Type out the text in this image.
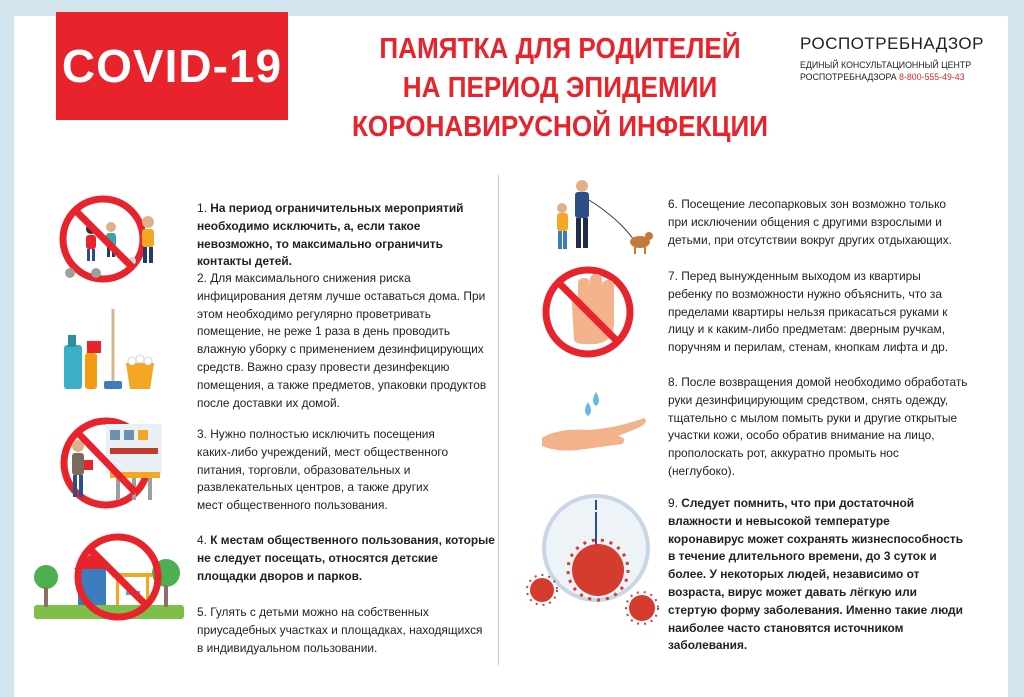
COVID-19	ПАМЯТКА ДЛЯ РОДИТЕЛЕЙ
НА ПЕРИОД ЭПИДЕМИИ
КОРОНАВИРУСНОЙ ИНФЕКЦИИ
РОСПОТРЕБНАДЗОР
ЕДИНЫЙ КОНСУЛЬТАЦИОННЫЙ ЦЕНТР
РОСПОТРЕБНАДЗОРА 8-800-555-49-43
1. На период ограничительных мероприятий необходимо исключить, а, если такое невозможно, то максимально ограничить контакты детей.
2. Для максимального снижения риска инфицирования детям лучше оставаться дома. При этом необходимо регулярно проветривать помещение, не реже 1 раза в день проводить влажную уборку с применением дезинфицирующих средств. Важно сразу провести дезинфекцию помещения, а также предметов, упаковки продуктов после доставки их домой.
3. Нужно полностью исключить посещения каких-либо учреждений, мест общественного питания, торговли, образовательных и развлекательных центров, а также других мест общественного пользования.
4. К местам общественного пользования, которые не следует посещать, относятся детские площадки дворов и парков.
5. Гулять с детьми можно на собственных приусадебных участках и площадках, находящихся в индивидуальном пользовании.
6. Посещение лесопарковых зон возможно только при исключении общения с другими взрослыми и детьми, при отсутствии вокруг других отдыхающих.
7. Перед вынужденным выходом из квартиры ребенку по возможности нужно объяснить, что за пределами квартиры нельзя прикасаться руками к лицу и к каким-либо предметам: дверным ручкам, поручням и перилам, стенам, кнопкам лифта и др.
8. После возвращения домой необходимо обработать руки дезинфицирующим средством, снять одежду, тщательно с мылом помыть руки и другие открытые участки кожи, особо обратив внимание на лицо, прополоскать рот, аккуратно промыть нос (неглубоко).
9. Следует помнить, что при достаточной влажности и невысокой температуре коронавирус может сохранять жизнеспособность в течение длительного времени, до 3 суток и более. У некоторых людей, независимо от возраста, вирус может давать лёгкую или стертую форму заболевания. Именно такие люди наиболее часто становятся источником заболевания.
